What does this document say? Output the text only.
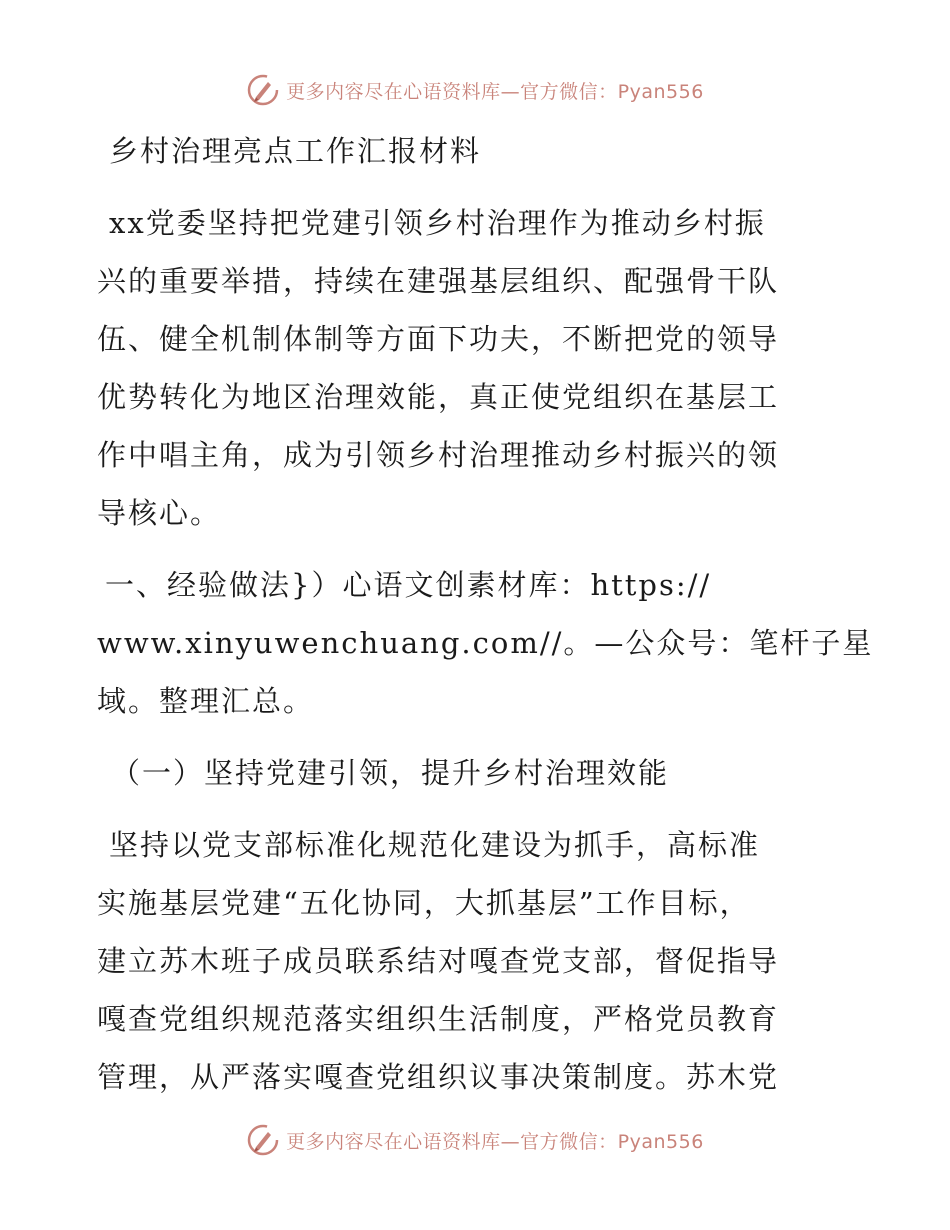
更多内容尽在心语资料库—官方微信：Pyan556
乡村治理亮点工作汇报材料
xx党委坚持把党建引领乡村治理作为推动乡村振
兴的重要举措，持续在建强基层组织、配强骨干队
伍、健全机制体制等方面下功夫，不断把党的领导
优势转化为地区治理效能，真正使党组织在基层工
作中唱主角，成为引领乡村治理推动乡村振兴的领
导核心。
一、经验做法}）心语文创素材库：https://
www.xinyuwenchuang.com//。—公众号：笔杆子星
域。整理汇总。
（一）坚持党建引领，提升乡村治理效能
坚持以党支部标准化规范化建设为抓手，高标准
实施基层党建“五化协同，大抓基层”工作目标，
建立苏木班子成员联系结对嘎查党支部，督促指导
嘎查党组织规范落实组织生活制度，严格党员教育
管理，从严落实嘎查党组织议事决策制度。苏木党
更多内容尽在心语资料库—官方微信：Pyan556
